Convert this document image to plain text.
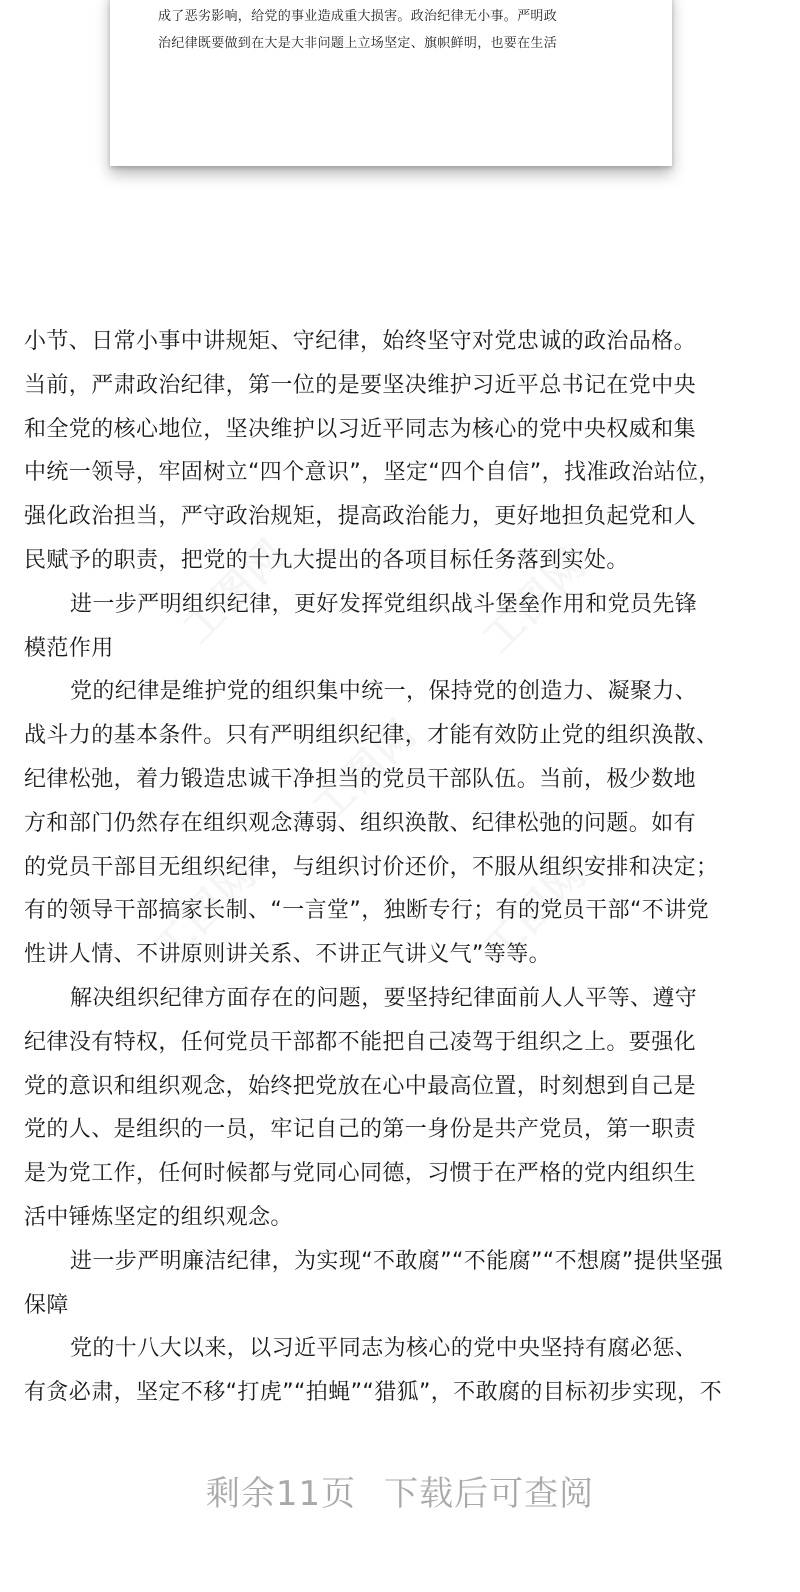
成了恶劣影响，给党的事业造成重大损害。政治纪律无小事。严明政
治纪律既要做到在大是大非问题上立场坚定、旗帜鲜明，也要在生活
工图网	工图网
工图网
工图网	工图网
小节、日常小事中讲规矩、守纪律，始终坚守对党忠诚的政治品格。
当前，严肃政治纪律，第一位的是要坚决维护习近平总书记在党中央
和全党的核心地位，坚决维护以习近平同志为核心的党中央权威和集
中统一领导，牢固树立“四个意识”，坚定“四个自信”，找准政治站位，
强化政治担当，严守政治规矩，提高政治能力，更好地担负起党和人
民赋予的职责，把党的十九大提出的各项目标任务落到实处。
进一步严明组织纪律，更好发挥党组织战斗堡垒作用和党员先锋
模范作用
党的纪律是维护党的组织集中统一，保持党的创造力、凝聚力、
战斗力的基本条件。只有严明组织纪律，才能有效防止党的组织涣散、
纪律松弛，着力锻造忠诚干净担当的党员干部队伍。当前，极少数地
方和部门仍然存在组织观念薄弱、组织涣散、纪律松弛的问题。如有
的党员干部目无组织纪律，与组织讨价还价，不服从组织安排和决定；
有的领导干部搞家长制、“一言堂”，独断专行；有的党员干部“不讲党
性讲人情、不讲原则讲关系、不讲正气讲义气”等等。
解决组织纪律方面存在的问题，要坚持纪律面前人人平等、遵守
纪律没有特权，任何党员干部都不能把自己凌驾于组织之上。要强化
党的意识和组织观念，始终把党放在心中最高位置，时刻想到自己是
党的人、是组织的一员，牢记自己的第一身份是共产党员，第一职责
是为党工作，任何时候都与党同心同德，习惯于在严格的党内组织生
活中锤炼坚定的组织观念。
进一步严明廉洁纪律，为实现“不敢腐”“不能腐”“不想腐”提供坚强
保障
党的十八大以来，以习近平同志为核心的党中央坚持有腐必惩、
有贪必肃，坚定不移“打虎”“拍蝇”“猎狐”，不敢腐的目标初步实现，不
剩余11页 下载后可查阅
